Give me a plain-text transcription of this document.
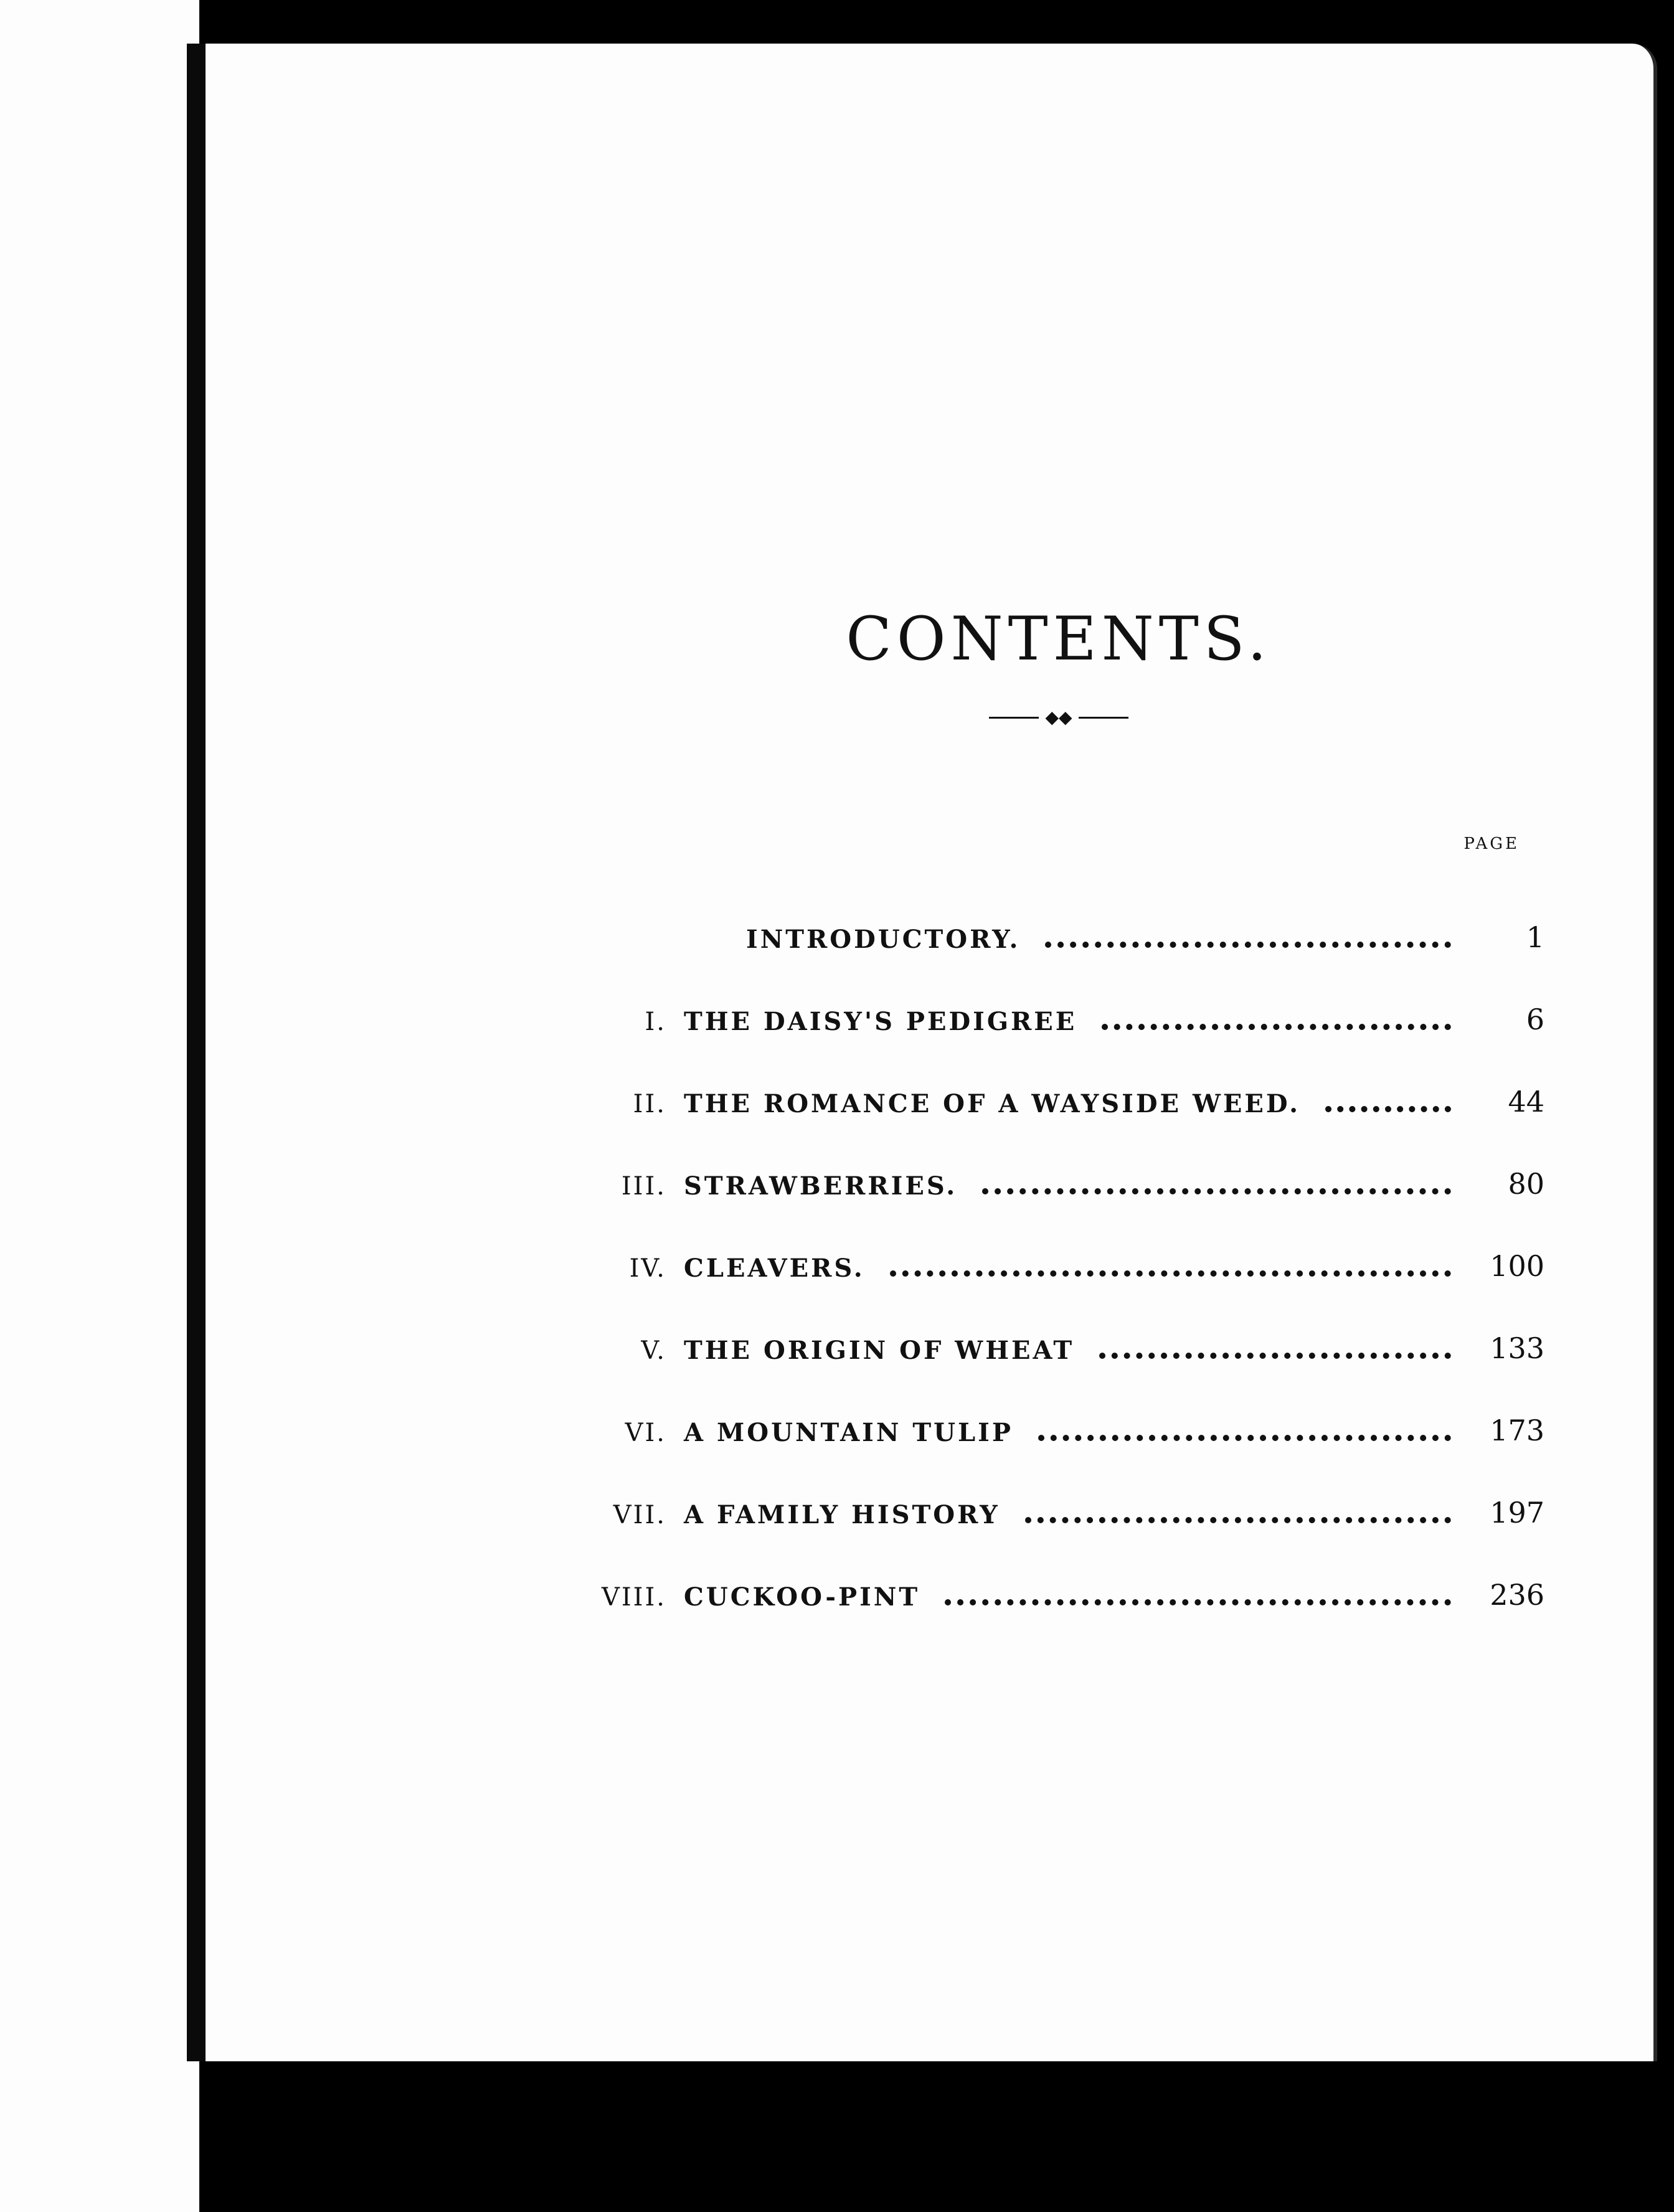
CONTENTS.
◆◆
PAGE
INTRODUCTORY.	1
I. THE DAISY'S PEDIGREE	6
II. THE ROMANCE OF A WAYSIDE WEED.	44
III. STRAWBERRIES.	80
IV. CLEAVERS.	100
V. THE ORIGIN OF WHEAT	133
VI. A MOUNTAIN TULIP	173
VII. A FAMILY HISTORY	197
VIII. CUCKOO-PINT	236
